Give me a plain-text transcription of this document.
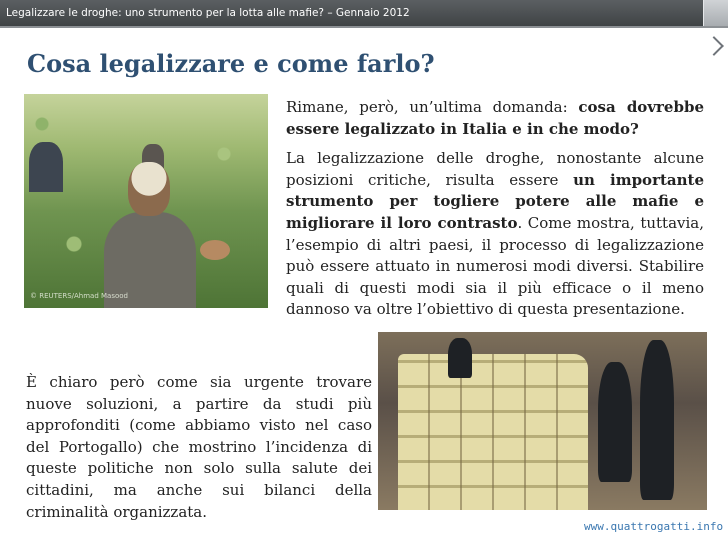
Legalizzare le droghe: uno strumento per la lotta alle mafie? – Gennaio 2012
Cosa legalizzare e come farlo?
© REUTERS/Ahmad Masood

Rimane, però, un’ultima domanda: cosa dovrebbe essere legalizzato in Italia e in che modo?

La legalizzazione delle droghe, nonostante alcune posizioni critiche, risulta essere un importante strumento per togliere potere alle mafie e migliorare il loro contrasto. Come mostra, tuttavia, l’esempio di altri paesi, il processo di legalizzazione può essere attuato in numerosi modi diversi. Stabilire quali di questi modi sia il più efficace o il meno dannoso va oltre l’obiettivo di questa presentazione.

È chiaro però come sia urgente trovare nuove soluzioni, a partire da studi più approfonditi (come abbiamo visto nel caso del Portogallo) che mostrino l’incidenza di queste politiche non solo sulla salute dei cittadini, ma anche sui bilanci della criminalità organizzata.

www.quattrogatti.info
